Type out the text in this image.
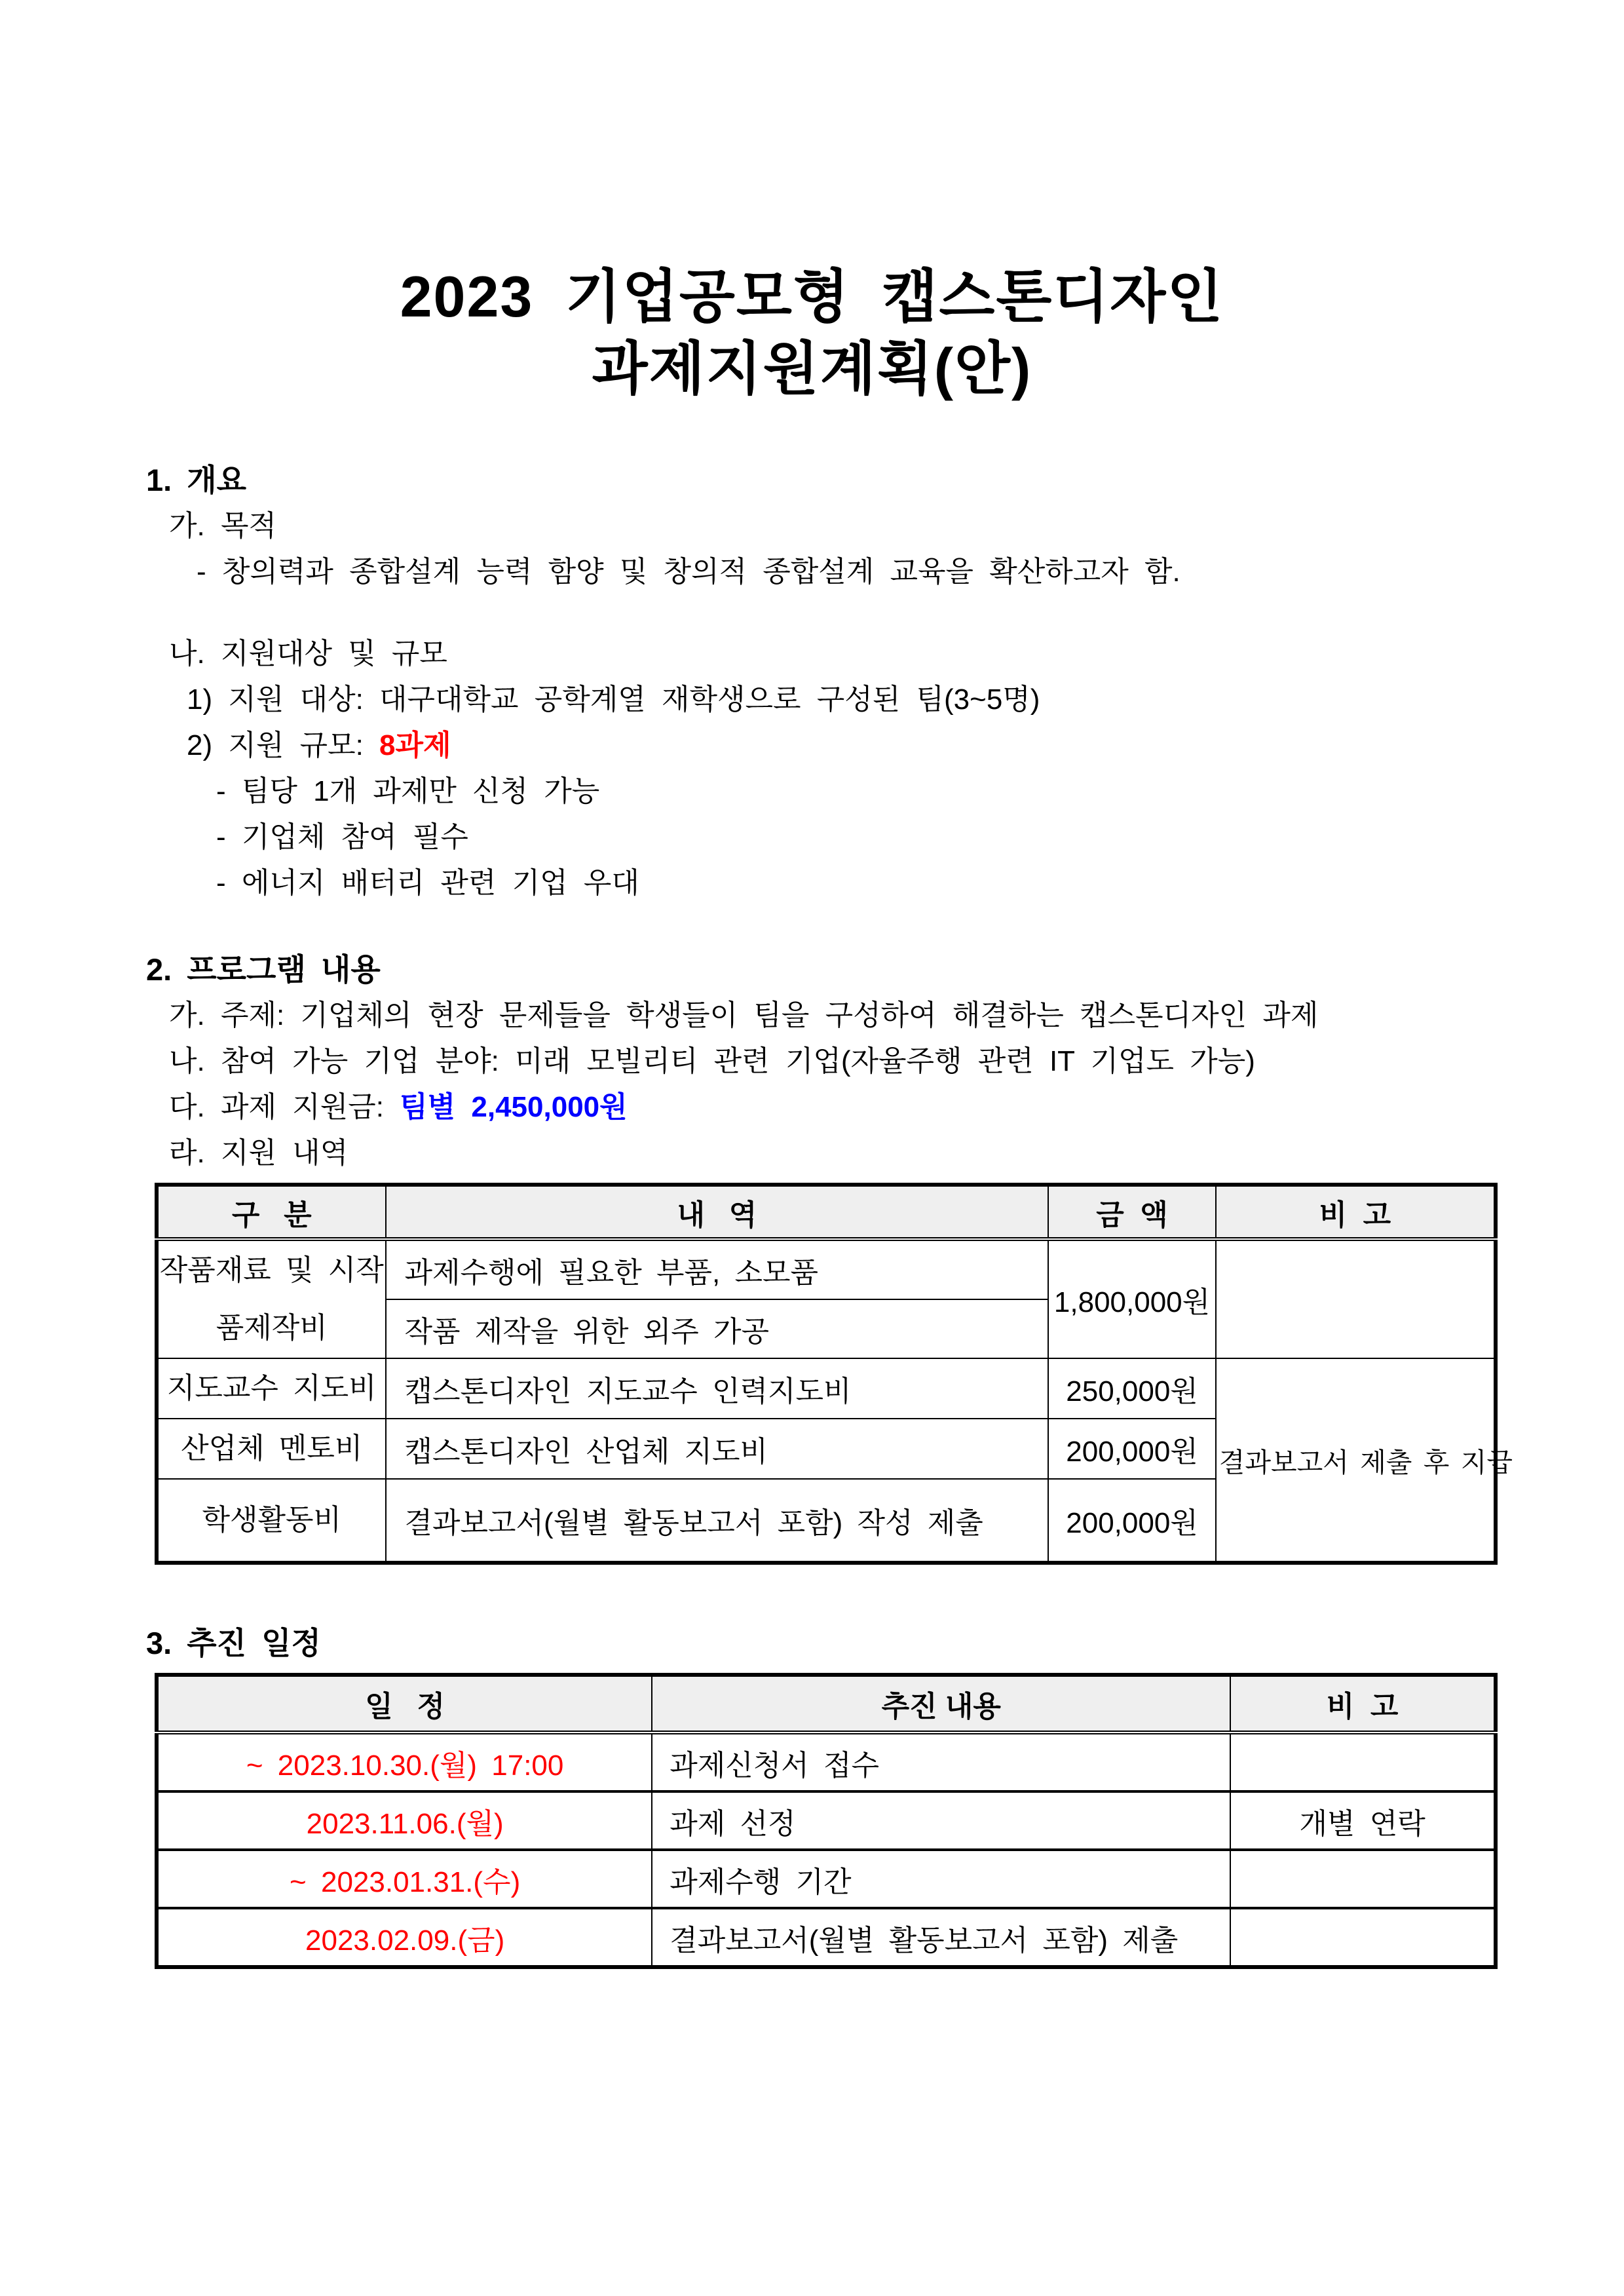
2023 기업공모형 캡스톤디자인
과제지원계획(안)
1. 개요
가. 목적
- 창의력과 종합설계 능력 함양 및 창의적 종합설계 교육을 확산하고자 함.
나. 지원대상 및 규모
1) 지원 대상: 대구대학교 공학계열 재학생으로 구성된 팀(3~5명)
2) 지원 규모: 8과제
- 팀당 1개 과제만 신청 가능
- 기업체 참여 필수
- 에너지 배터리 관련 기업 우대
2. 프로그램 내용
가. 주제: 기업체의 현장 문제들을 학생들이 팀을 구성하여 해결하는 캡스톤디자인 과제
나. 참여 가능 기업 분야: 미래 모빌리티 관련 기업(자율주행 관련 IT 기업도 가능)
다. 과제 지원금: 팀별 2,450,000원
라. 지원 내역
구   분	내   역	금  액	비  고
작품재료 및 시작품제작비	과제수행에 필요한 부품, 소모품	1,800,000원	
	작품 제작을 위한 외주 가공		
지도교수 지도비	캡스톤디자인 지도교수 인력지도비	250,000원	결과보고서 제출 후 지급
산업체 멘토비	캡스톤디자인 산업체 지도비	200,000원	
학생활동비	결과보고서(월별 활동보고서 포함) 작성 제출	200,000원	
3. 추진 일정
일   정	추진 내용	비  고
~ 2023.10.30.(월) 17:00	과제신청서 접수	
2023.11.06.(월)	과제 선정	개별 연락
~ 2023.01.31.(수)	과제수행 기간	
2023.02.09.(금)	결과보고서(월별 활동보고서 포함) 제출	
